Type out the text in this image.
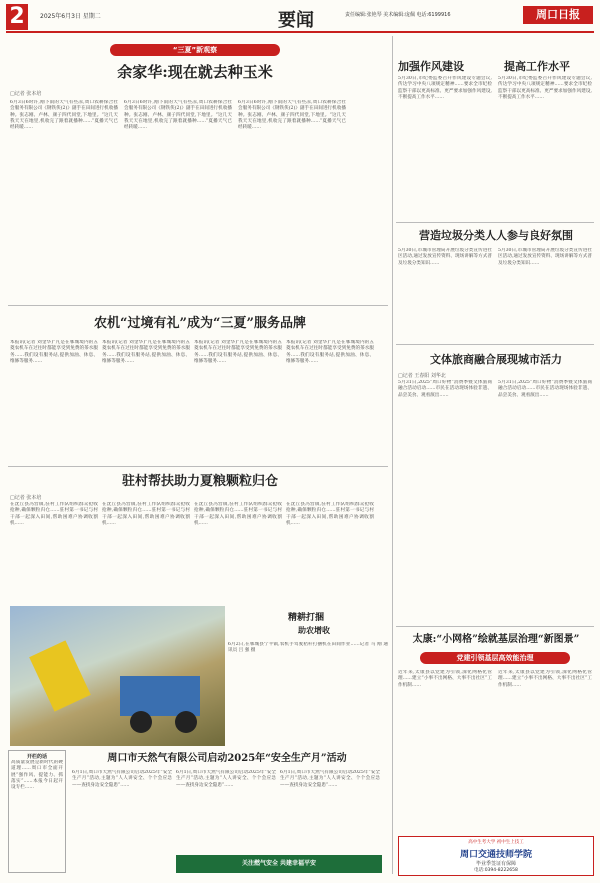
2	2025年6月3日 星期二	要闻	责任编辑:张艳琴 美术编辑:庞佩 电话:6199916	周口日报
“三夏”新观察
余家华:现在就去种玉米
□记者 张本培
6月3日6时许,刚下雨的天气有些凉,周口农耕保合社会服务有限公司《钢铁侠(2)》副手在田间进行机收播种。张志刚、卢林、颜子四代同堂,下地里。“这几天我天天在地里,机收完了跟着就播种……”夏播天气已经转暖……
6月3日6时许,刚下雨的天气有些凉,周口农耕保合社会服务有限公司《钢铁侠(2)》副手在田间进行机收播种。张志刚、卢林、颜子四代同堂,下地里。“这几天我天天在地里,机收完了跟着就播种……”夏播天气已经转暖……
6月3日6时许,刚下雨的天气有些凉,周口农耕保合社会服务有限公司《钢铁侠(2)》副手在田间进行机收播种。张志刚、卢林、颜子四代同堂,下地里。“这几天我天天在地里,机收完了跟着就播种……”夏播天气已经转暖……
农机“过境有礼”成为“三夏”服务品牌
本报讯(记者 刘金华)“凡是在郸城境内的五菱农机车在过往时都能享受到免费的茶水服务……我们设有服务站,提供加油、休息、维修等服务……
本报讯(记者 刘金华)“凡是在郸城境内的五菱农机车在过往时都能享受到免费的茶水服务……我们设有服务站,提供加油、休息、维修等服务……
本报讯(记者 刘金华)“凡是在郸城境内的五菱农机车在过往时都能享受到免费的茶水服务……我们设有服务站,提供加油、休息、维修等服务……
本报讯(记者 刘金华)“凡是在郸城境内的五菱农机车在过往时都能享受到免费的茶水服务……我们设有服务站,提供加油、休息、维修等服务……
驻村帮扶助力夏粮颗粒归仓
□记者 张本培
在沈丘县冯营镇,驻村工作队组织群众抢收抢种,确保颗粒归仓……驻村第一书记与村干部一起深入田间,帮助困难户协调收割机……
在沈丘县冯营镇,驻村工作队组织群众抢收抢种,确保颗粒归仓……驻村第一书记与村干部一起深入田间,帮助困难户协调收割机……
在沈丘县冯营镇,驻村工作队组织群众抢收抢种,确保颗粒归仓……驻村第一书记与村干部一起深入田间,帮助困难户协调收割机……
在沈丘县冯营镇,驻村工作队组织群众抢收抢种,确保颗粒归仓……驻村第一书记与村干部一起深入田间,帮助困难户协调收割机……
精耕打捆
助农增收
6月2日,在郸城县宁平镇,农机手驾驶秸秆打捆机在田间作业……记者 马 刚 通讯员 吕 强 摄
开栏的话
高质量发展是新时代的硬道理……周口市全面开展“强作风、提能力、抓落实”……本报今日起开设专栏……
周口市天然气有限公司启动2025年“安全生产月”活动
6月1日,周口市天然气有限公司启动2025年“安全生产月”活动,主题为“人人讲安全、个个会应急——查找身边安全隐患”……
6月1日,周口市天然气有限公司启动2025年“安全生产月”活动,主题为“人人讲安全、个个会应急——查找身边安全隐患”……
6月1日,周口市天然气有限公司启动2025年“安全生产月”活动,主题为“人人讲安全、个个会应急——查找身边安全隐患”……
关注燃气安全 共建幸福平安
加强作风建设	提高工作水平
5月30日,市纪委监委召开作风建设专题会议,传达学习中央八项规定精神……要求全市纪检监察干部以更高标准、更严要求加强作风建设,不断提高工作水平……
5月30日,市纪委监委召开作风建设专题会议,传达学习中央八项规定精神……要求全市纪检监察干部以更高标准、更严要求加强作风建设,不断提高工作水平……
营造垃圾分类人人参与良好氛围
5月30日,市城市管理局开展垃圾分类宣传进社区活动,通过发放宣传资料、现场讲解等方式普及垃圾分类知识……
5月30日,市城市管理局开展垃圾分类宣传进社区活动,通过发放宣传资料、现场讲解等方式普及垃圾分类知识……
文体旅商融合展现城市活力
□记者 王春阳 刘华北
5月31日,2025“周口好物”消费季暨文体旅商融合活动启动……市民在活动现场体验非遗、品尝美食、观看演出……
5月31日,2025“周口好物”消费季暨文体旅商融合活动启动……市民在活动现场体验非遗、品尝美食、观看演出……
太康:“小网格”绘就基层治理“新图景”
党建引领基层高效能治理
近年来,太康县以党建为引领,深化网格化管理……建立“小事不出网格、大事不出社区”工作机制……
近年来,太康县以党建为引领,深化网格化管理……建立“小事不出网格、大事不出社区”工作机制……
高中生考大学 初中生上技工
周口交通技师学院
毕业季签证有保障
电话:0394-8222658
